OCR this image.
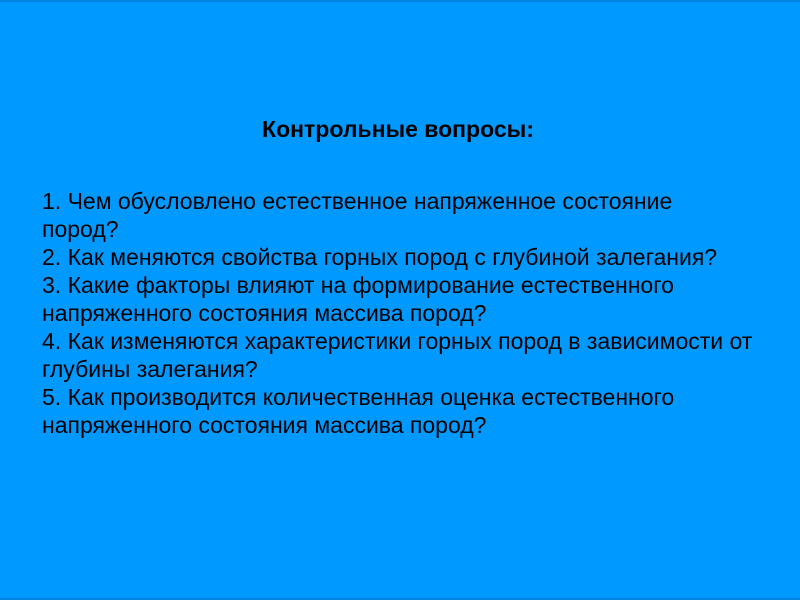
Контрольные вопросы:
1. Чем обусловлено естественное напряженное состояние пород?
2. Как меняются свойства горных пород с глубиной залегания?
3. Какие факторы влияют на формирование естественного напряженного состояния массива пород?
4. Как изменяются характеристики горных пород в зависимости от глубины залегания?
5. Как производится количественная оценка естественного напряженного состояния массива пород?
